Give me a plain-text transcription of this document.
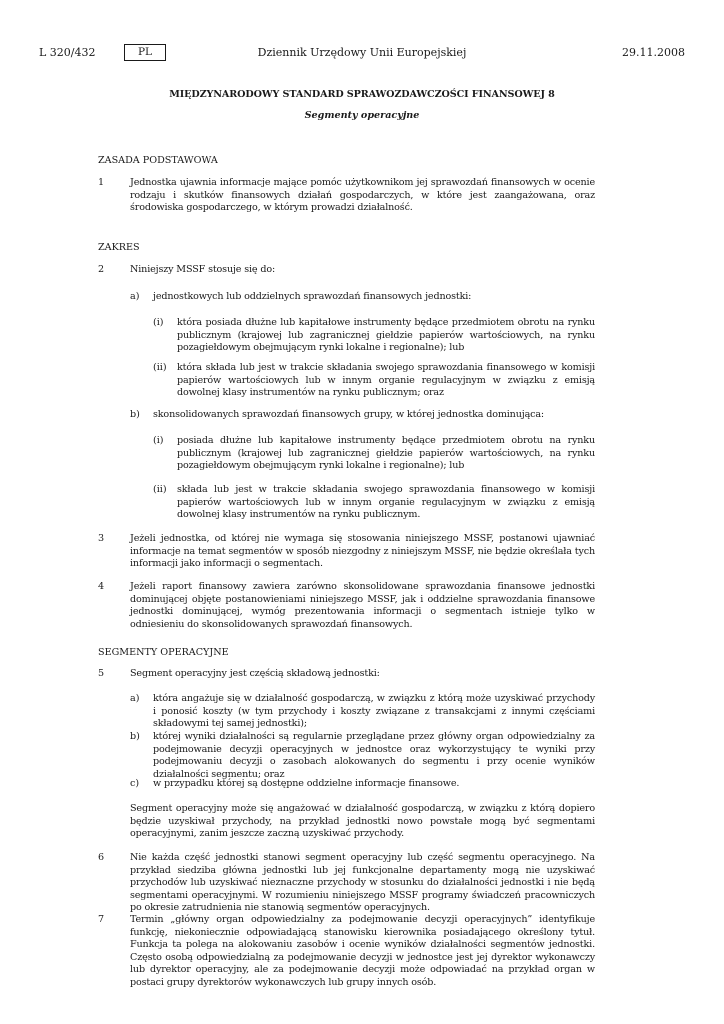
L 320/432	PL	Dziennik Urzędowy Unii Europejskiej	29.11.2008
MIĘDZYNARODOWY STANDARD SPRAWOZDAWCZOŚCI FINANSOWEJ 8
Segmenty operacyjne
ZASADA PODSTAWOWA
1	Jednostka ujawnia informacje mające pomóc użytkownikom jej sprawozdań finansowych w ocenie rodzaju i skutków finansowych działań gospodarczych, w które jest zaangażowana, oraz środowiska gospodarczego, w którym prowadzi działalność.
ZAKRES
2	Niniejszy MSSF stosuje się do:
a) jednostkowych lub oddzielnych sprawozdań finansowych jednostki:
(i) która posiada dłużne lub kapitałowe instrumenty będące przedmiotem obrotu na rynku publicznym (krajowej lub zagranicznej giełdzie papierów wartościowych, na rynku pozagiełdowym obejmującym rynki lokalne i regionalne); lub
(ii) która składa lub jest w trakcie składania swojego sprawozdania finansowego w komisji papierów wartościowych lub w innym organie regulacyjnym w związku z emisją dowolnej klasy instrumentów na rynku publicznym; oraz
b) skonsolidowanych sprawozdań finansowych grupy, w której jednostka dominująca:
(i) posiada dłużne lub kapitałowe instrumenty będące przedmiotem obrotu na rynku publicznym (krajowej lub zagranicznej giełdzie papierów wartościowych, na rynku pozagiełdowym obejmującym rynki lokalne i regionalne); lub
(ii) składa lub jest w trakcie składania swojego sprawozdania finansowego w komisji papierów wartościowych lub w innym organie regulacyjnym w związku z emisją dowolnej klasy instrumentów na rynku publicznym.
3	Jeżeli jednostka, od której nie wymaga się stosowania niniejszego MSSF, postanowi ujawniać informacje na temat segmentów w sposób niezgodny z niniejszym MSSF, nie będzie określała tych informacji jako informacji o segmentach.
4	Jeżeli raport finansowy zawiera zarówno skonsolidowane sprawozdania finansowe jednostki dominującej objęte postanowieniami niniejszego MSSF, jak i oddzielne sprawozdania finansowe jednostki dominującej, wymóg prezentowania informacji o segmentach istnieje tylko w odniesieniu do skonsolidowanych sprawozdań finansowych.
SEGMENTY OPERACYJNE
5	Segment operacyjny jest częścią składową jednostki:
a) która angażuje się w działalność gospodarczą, w związku z którą może uzyskiwać przychody i ponosić koszty (w tym przychody i koszty związane z transakcjami z innymi częściami składowymi tej samej jednostki);
b) której wyniki działalności są regularnie przeglądane przez główny organ odpowiedzialny za podejmowanie decyzji operacyjnych w jednostce oraz wykorzystujący te wyniki przy podejmowaniu decyzji o zasobach alokowanych do segmentu i przy ocenie wyników działalności segmentu; oraz
c) w przypadku której są dostępne oddzielne informacje finansowe.
Segment operacyjny może się angażować w działalność gospodarczą, w związku z którą dopiero będzie uzyskiwał przychody, na przykład jednostki nowo powstałe mogą być segmentami operacyjnymi, zanim jeszcze zaczną uzyskiwać przychody.
6	Nie każda część jednostki stanowi segment operacyjny lub część segmentu operacyjnego. Na przykład siedziba główna jednostki lub jej funkcjonalne departamenty mogą nie uzyskiwać przychodów lub uzyskiwać nieznaczne przychody w stosunku do działalności jednostki i nie będą segmentami operacyjnymi. W rozumieniu niniejszego MSSF programy świadczeń pracowniczych po okresie zatrudnienia nie stanowią segmentów operacyjnych.
7	Termin „główny organ odpowiedzialny za podejmowanie decyzji operacyjnych” identyfikuje funkcję, niekoniecznie odpowiadającą stanowisku kierownika posiadającego określony tytuł. Funkcja ta polega na alokowaniu zasobów i ocenie wyników działalności segmentów jednostki. Często osobą odpowiedzialną za podejmowanie decyzji w jednostce jest jej dyrektor wykonawczy lub dyrektor operacyjny, ale za podejmowanie decyzji może odpowiadać na przykład organ w postaci grupy dyrektorów wykonawczych lub grupy innych osób.
